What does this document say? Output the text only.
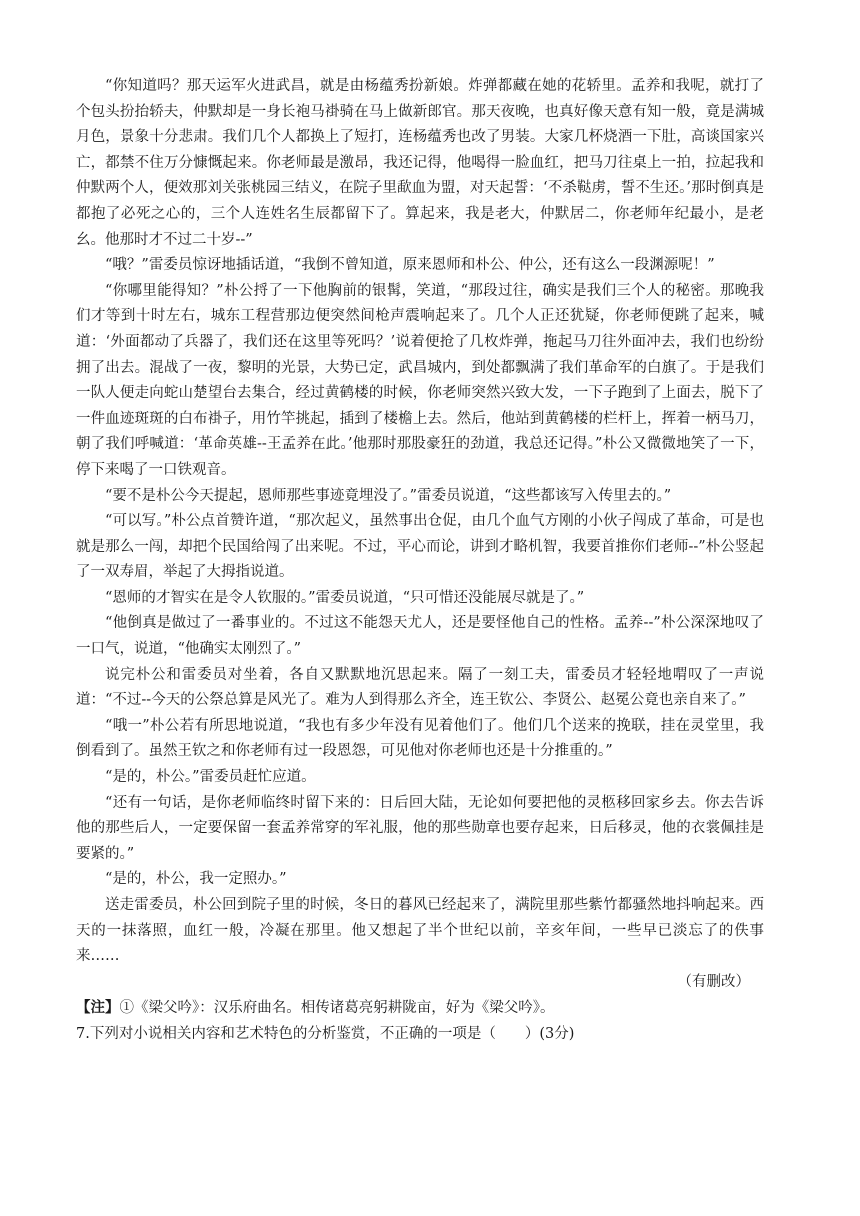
“你知道吗？那天运军火进武昌，就是由杨蕴秀扮新娘。炸弹都藏在她的花轿里。孟养和我呢，就打了个包头扮抬轿夫，仲默却是一身长袍马褂骑在马上做新郎官。那天夜晚，也真好像天意有知一般，竟是满城月色，景象十分悲肃。我们几个人都换上了短打，连杨蕴秀也改了男装。大家几杯烧酒一下肚，高谈国家兴亡，都禁不住万分慷慨起来。你老师最是激昂，我还记得，他喝得一脸血红，把马刀往桌上一拍，拉起我和仲默两个人，便效那刘关张桃园三结义，在院子里歃血为盟，对天起誓：‘不杀鞑虏，誓不生还。’那时倒真是都抱了必死之心的，三个人连姓名生辰都留下了。算起来，我是老大，仲默居二，你老师年纪最小，是老幺。他那时才不过二十岁--”

“哦？”雷委员惊讶地插话道，“我倒不曾知道，原来恩师和朴公、仲公，还有这么一段渊源呢！”

“你哪里能得知？”朴公捋了一下他胸前的银髯，笑道，“那段过往，确实是我们三个人的秘密。那晚我们才等到十时左右，城东工程营那边便突然间枪声震响起来了。几个人正还犹疑，你老师便跳了起来，喊道：‘外面都动了兵器了，我们还在这里等死吗？’说着便抢了几枚炸弹，拖起马刀往外面冲去，我们也纷纷拥了出去。混战了一夜，黎明的光景，大势已定，武昌城内，到处都飘满了我们革命军的白旗了。于是我们一队人便走向蛇山楚望台去集合，经过黄鹤楼的时候，你老师突然兴致大发，一下子跑到了上面去，脱下了一件血迹斑斑的白布褂子，用竹竿挑起，插到了楼檐上去。然后，他站到黄鹤楼的栏杆上，挥着一柄马刀，朝了我们呼喊道：‘革命英雄--王孟养在此。’他那时那股豪狂的劲道，我总还记得。”朴公又微微地笑了一下，停下来喝了一口铁观音。

“要不是朴公今天提起，恩师那些事迹竟埋没了。”雷委员说道，“这些都该写入传里去的。”

“可以写。”朴公点首赞许道，“那次起义，虽然事出仓促，由几个血气方刚的小伙子闯成了革命，可是也就是那么一闯，却把个民国给闯了出来呢。不过，平心而论，讲到才略机智，我要首推你们老师--”朴公竖起了一双寿眉，举起了大拇指说道。

“恩师的才智实在是令人钦服的。”雷委员说道，“只可惜还没能展尽就是了。”

“他倒真是做过了一番事业的。不过这不能怨天尤人，还是要怪他自己的性格。孟养--”朴公深深地叹了一口气，说道，“他确实太刚烈了。”

说完朴公和雷委员对坐着，各自又默默地沉思起来。隔了一刻工夫，雷委员才轻轻地喟叹了一声说道：“不过--今天的公祭总算是风光了。难为人到得那么齐全，连王钦公、李贤公、赵冕公竟也亲自来了。”

“哦一”朴公若有所思地说道，“我也有多少年没有见着他们了。他们几个送来的挽联，挂在灵堂里，我倒看到了。虽然王钦之和你老师有过一段恩怨，可见他对你老师也还是十分推重的。”

“是的，朴公。”雷委员赶忙应道。

“还有一句话，是你老师临终时留下来的：日后回大陆，无论如何要把他的灵柩移回家乡去。你去告诉他的那些后人，一定要保留一套孟养常穿的军礼服，他的那些勋章也要存起来，日后移灵，他的衣裳佩挂是要紧的。”

“是的，朴公，我一定照办。”

送走雷委员，朴公回到院子里的时候，冬日的暮风已经起来了，满院里那些紫竹都骚然地抖响起来。西天的一抹落照，血红一般，冷凝在那里。他又想起了半个世纪以前，辛亥年间，一些早已淡忘了的佚事来……

（有删改）

【注】①《梁父吟》：汉乐府曲名。相传诸葛亮躬耕陇亩，好为《梁父吟》。

7.下列对小说相关内容和艺术特色的分析鉴赏，不正确的一项是（　　）(3分)
